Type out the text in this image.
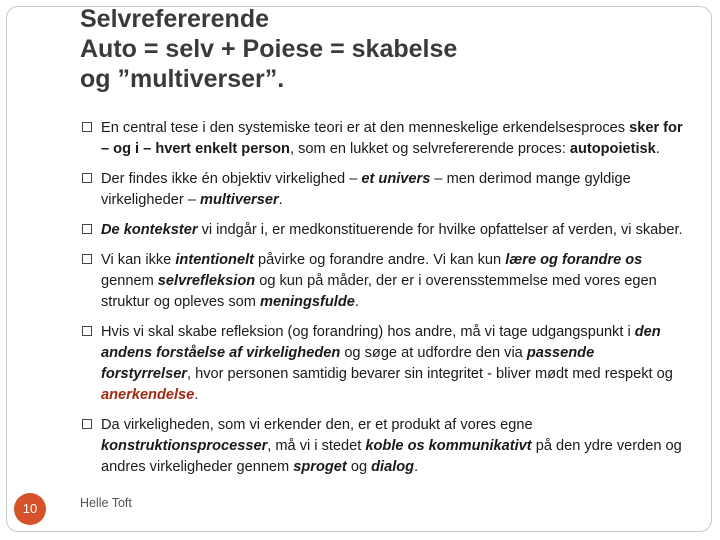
Selvrefererende
Auto = selv + Poiese = skabelse
og ”multiverser”.
En central tese i den systemiske teori er at den menneskelige erkendelsesproces sker for – og i – hvert enkelt person, som en lukket og selvrefererende proces: autopoietisk.
Der findes ikke én objektiv virkelighed – et univers – men derimod mange gyldige virkeligheder – multiverser.
De kontekster vi indgår i, er medkonstituerende for hvilke opfattelser af verden, vi skaber.
Vi kan ikke intentionelt påvirke og forandre andre. Vi kan kun lære og forandre os gennem selvrefleksion og kun på måder, der er i overensstemmelse med vores egen struktur og opleves som meningsfulde.
Hvis vi skal skabe refleksion (og forandring) hos andre, må vi tage udgangspunkt i den andens forståelse af virkeligheden og søge at udfordre den via passende forstyrrelser, hvor personen samtidig bevarer sin integritet - bliver mødt med respekt og anerkendelse.
Da virkeligheden, som vi erkender den, er et produkt af vores egne konstruktionsprocesser, må vi i stedet koble os kommunikativt på den ydre verden og andres virkeligheder gennem sproget og dialog.
10	Helle Toft
